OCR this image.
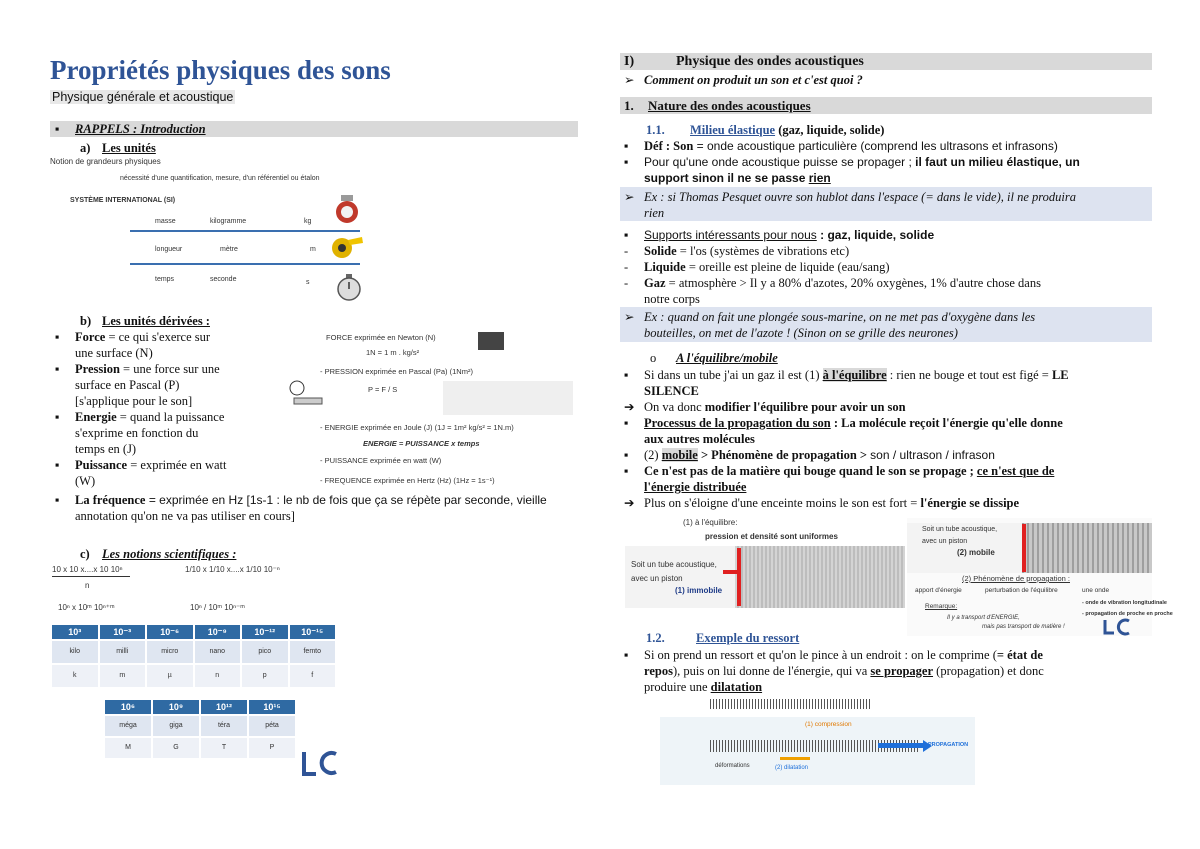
Propriétés physiques des sons
Physique générale et acoustique
▪ RAPPELS : Introduction
a) Les unités
Notion de grandeurs physiques
nécessité d'une quantification, mesure, d'un référentiel ou étalon
SYSTÈME INTERNATIONAL (SI)
masse	kilogramme	kg
longueur	mètre	m
temps	seconde	s
b) Les unités dérivées :
▪ Force = ce qui s'exerce sur
une surface (N)
▪ Pression = une force sur une
surface en Pascal (P)
[s'applique pour le son]
▪ Energie = quand la puissance
s'exprime en fonction du
temps en (J)
▪ Puissance = exprimée en watt
(W)
FORCE exprimée en Newton (N)
1N = 1 m . kg/s²
- PRESSION exprimée en Pascal (Pa) (1Nm²)
P = F / S
- ENERGIE exprimée en Joule (J) (1J = 1m² kg/s² = 1N.m)
ENERGIE = PUISSANCE x temps
- PUISSANCE exprimée en watt (W)
- FREQUENCE exprimée en Hertz (Hz) (1Hz = 1s⁻¹)
▪ La fréquence = exprimée en Hz [1s-1 : le nb de fois que ça se répète par seconde, vieille
annotation qu'on ne va pas utiliser en cours]
c) Les notions scientifiques :
10 x 10 x....x 10 10ⁿ
n
1/10 x 1/10 x....x 1/10 10⁻ⁿ
10ⁿ x 10ᵐ 10ⁿ⁺ᵐ	10ⁿ / 10ᵐ 10ⁿ⁻ᵐ
10³	10⁻³	10⁻⁶	10⁻⁹	10⁻¹²	10⁻¹⁵
kilo	milli	micro	nano	pico	femto
k	m	µ	n	p	f
10⁶	10⁹	10¹²	10¹⁵
méga	giga	téra	péta
M	G	T	P
I)	Physique des ondes acoustiques
➢ Comment on produit un son et c'est quoi ?
1. Nature des ondes acoustiques
1.1. Milieu élastique (gaz, liquide, solide)
▪ Déf : Son = onde acoustique particulière (comprend les ultrasons et infrasons)
▪ Pour qu'une onde acoustique puisse se propager ; il faut un milieu élastique, un
support sinon il ne se passe rien
➢ Ex : si Thomas Pesquet ouvre son hublot dans l'espace (= dans le vide), il ne produira
rien
▪ Supports intéressants pour nous : gaz, liquide, solide
- Solide = l'os (systèmes de vibrations etc)
- Liquide = oreille est pleine de liquide (eau/sang)
- Gaz = atmosphère > Il y a 80% d'azotes, 20% oxygènes, 1% d'autre chose dans
notre corps
➢ Ex : quand on fait une plongée sous-marine, on ne met pas d'oxygène dans les
bouteilles, on met de l'azote ! (Sinon on se grille des neurones)
o A l'équilibre/mobile
▪ Si dans un tube j'ai un gaz il est (1) à l'équilibre : rien ne bouge et tout est figé = LE
SILENCE
➔ On va donc modifier l'équilibre pour avoir un son
▪ Processus de la propagation du son : La molécule reçoit l'énergie qu'elle donne
aux autres molécules
▪ (2) mobile > Phénomène de propagation > son / ultrason / infrason
▪ Ce n'est pas de la matière qui bouge quand le son se propage ; ce n'est que de
l'énergie distribuée
➔ Plus on s'éloigne d'une enceinte moins le son est fort = l'énergie se dissipe
(1) à l'équilibre:
pression et densité sont uniformes
Soit un tube acoustique,
avec un piston
(1) immobile
Soit un tube acoustique,
avec un piston
(2) mobile
(2) Phénomène de propagation :
apport d'énergie	perturbation de l'équilibre	une onde
- onde de vibration longitudinale
- propagation de proche en proche
Remarque:
Il y a transport d'ENERGIE,
mais pas transport de matière !
1.2.	Exemple du ressort
▪ Si on prend un ressort et qu'on le pince à un endroit : on le comprime (= état de
repos), puis on lui donne de l'énergie, qui va se propager (propagation) et donc
produire une dilatation
(1) compression
PROPAGATION
déformations	(2) dilatation
